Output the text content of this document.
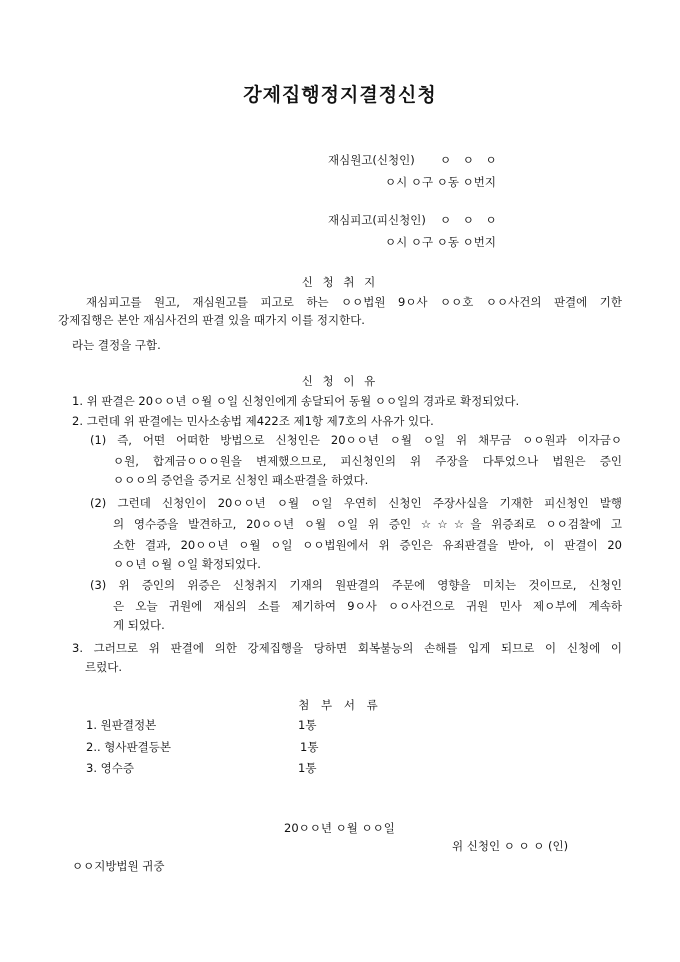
강제집행정지결정신청
재심원고(신청인) ㅇ ㅇ ㅇ
ㅇ시 ㅇ구 ㅇ동 ㅇ번지
재심피고(피신청인) ㅇ ㅇ ㅇ
ㅇ시 ㅇ구 ㅇ동 ㅇ번지
신 청 취 지
재심피고를 원고, 재심원고를 피고로 하는 ㅇㅇ법원 9ㅇ사 ㅇㅇ호 ㅇㅇ사건의 판결에 기한
강제집행은 본안 재심사건의 판결 있을 때가지 이를 정지한다.
라는 결정을 구함.
신 청 이 유
1. 위 판결은 20ㅇㅇ년 ㅇ월 ㅇ일 신청인에게 송달되어 동월 ㅇㅇ일의 경과로 확정되었다.
2. 그런데 위 판결에는 민사소송법 제422조 제1항 제7호의 사유가 있다.
(1) 즉, 어떤 어떠한 방법으로 신청인은 20ㅇㅇ년 ㅇ월 ㅇ일 위 채무금 ㅇㅇ원과 이자금ㅇ
ㅇ원, 합계금ㅇㅇㅇ원을 변제했으므로, 피신청인의 위 주장을 다투었으나 법원은 증인
ㅇㅇㅇ의 증언을 증거로 신청인 패소판결을 하였다.
(2) 그런데 신청인이 20ㅇㅇ년 ㅇ월 ㅇ일 우연히 신청인 주장사실을 기재한 피신청인 발행
의 영수증을 발견하고, 20ㅇㅇ년 ㅇ월 ㅇ일 위 증인 ☆☆☆을 위증죄로 ㅇㅇ검찰에 고
소한 결과, 20ㅇㅇ년 ㅇ월 ㅇ일 ㅇㅇ법원에서 위 증인은 유죄판결을 받아, 이 판결이 20
ㅇㅇ년 ㅇ월 ㅇ일 확정되었다.
(3) 위 증인의 위증은 신청취지 기재의 원판결의 주문에 영향을 미치는 것이므로, 신청인
은 오늘 귀원에 재심의 소를 제기하여 9ㅇ사 ㅇㅇ사건으로 귀원 민사 제ㅇ부에 계속하
게 되었다.
3. 그러므로 위 판결에 의한 강제집행을 당하면 회복불능의 손해를 입게 되므로 이 신청에 이
르렀다.
첨 부 서 류
1. 원판결정본	1통
2.. 형사판결등본	1통
3. 영수증	1통
20ㅇㅇ년 ㅇ월 ㅇㅇ일
위 신청인 ㅇ ㅇ ㅇ (인)
ㅇㅇ지방법원 귀중
